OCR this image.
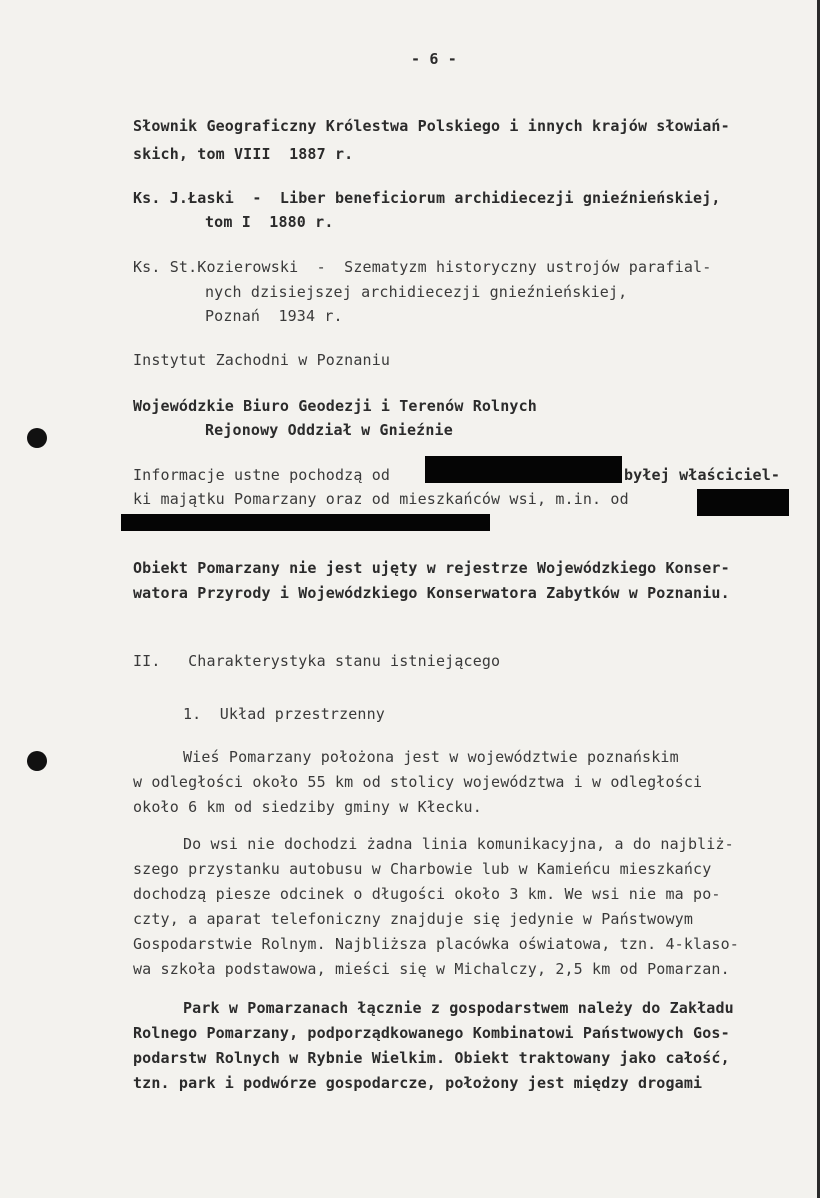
- 6 -
Słownik Geograficzny Królestwa Polskiego i innych krajów słowiań-
skich, tom VIII  1887 r.
Ks. J.Łaski  -  Liber beneficiorum archidiecezji gnieźnieńskiej,
tom I  1880 r.
Ks. St.Kozierowski  -  Szematyzm historyczny ustrojów parafial-
nych dzisiejszej archidiecezji gnieźnieńskiej,
Poznań  1934 r.
Instytut Zachodni w Poznaniu
Wojewódzkie Biuro Geodezji i Terenów Rolnych
Rejonowy Oddział w Gnieźnie
Informacje ustne pochodzą od	byłej właściciel-
ki majątku Pomarzany oraz od mieszkańców wsi, m.in. od
Obiekt Pomarzany nie jest ujęty w rejestrze Wojewódzkiego Konser-
watora Przyrody i Wojewódzkiego Konserwatora Zabytków w Poznaniu.
II.   Charakterystyka stanu istniejącego
1.  Układ przestrzenny
Wieś Pomarzany położona jest w województwie poznańskim
w odległości około 55 km od stolicy województwa i w odległości
około 6 km od siedziby gminy w Kłecku.
Do wsi nie dochodzi żadna linia komunikacyjna, a do najbliż-
szego przystanku autobusu w Charbowie lub w Kamieńcu mieszkańcy
dochodzą piesze odcinek o długości około 3 km. We wsi nie ma po-
czty, a aparat telefoniczny znajduje się jedynie w Państwowym
Gospodarstwie Rolnym. Najbliższa placówka oświatowa, tzn. 4-klaso-
wa szkoła podstawowa, mieści się w Michalczy, 2,5 km od Pomarzan.
Park w Pomarzanach łącznie z gospodarstwem należy do Zakładu
Rolnego Pomarzany, podporządkowanego Kombinatowi Państwowych Gos-
podarstw Rolnych w Rybnie Wielkim. Obiekt traktowany jako całość,
tzn. park i podwórze gospodarcze, położony jest między drogami
